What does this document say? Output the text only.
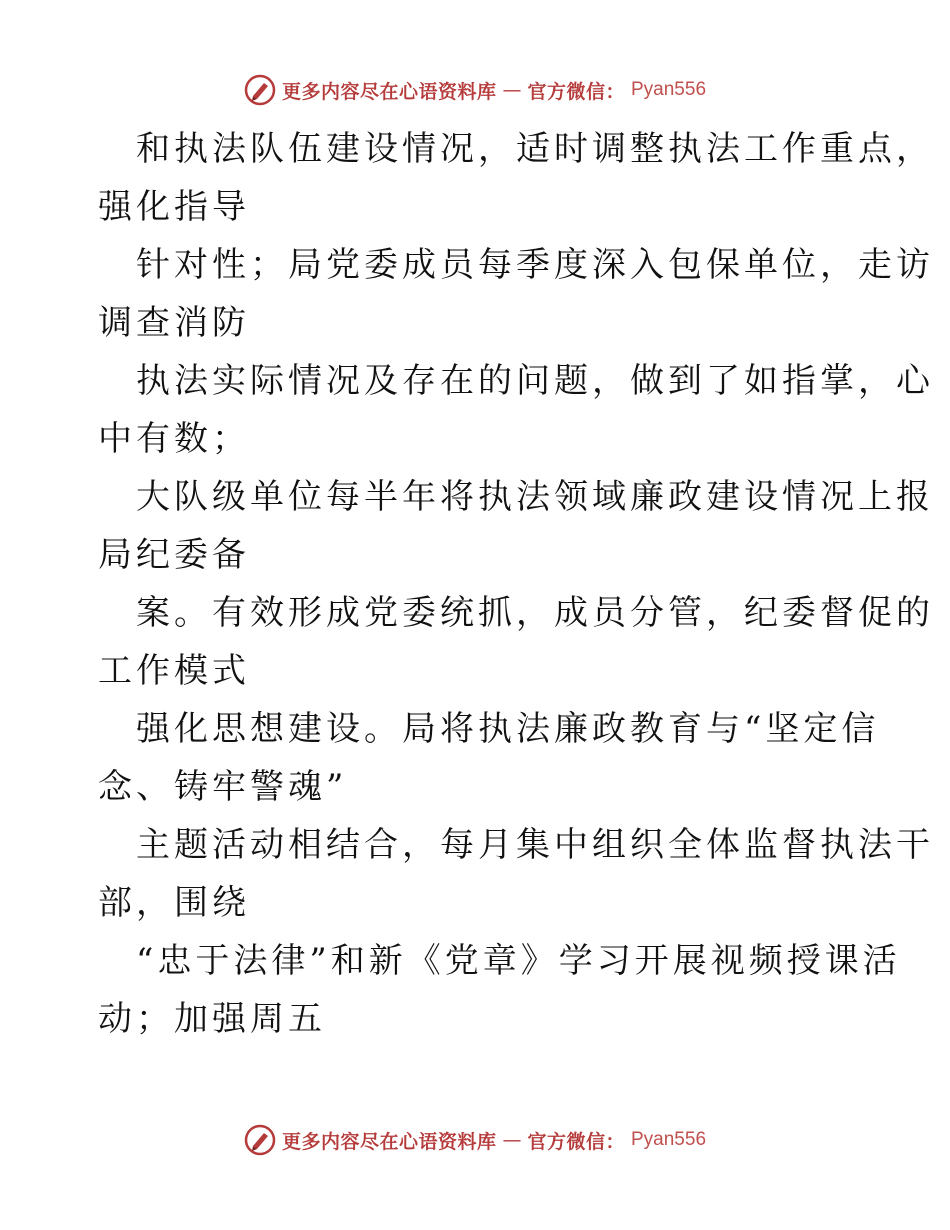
更多内容尽在心语资料库 — 官方微信： Pyan556

和执法队伍建设情况，适时调整执法工作重点，
强化指导

针对性；局党委成员每季度深入包保单位，走访
调查消防

执法实际情况及存在的问题，做到了如指掌，心
中有数；

大队级单位每半年将执法领域廉政建设情况上报
局纪委备

案。有效形成党委统抓，成员分管，纪委督促的
工作模式

强化思想建设。局将执法廉政教育与“坚定信
念、铸牢警魂”

主题活动相结合，每月集中组织全体监督执法干
部，围绕

“忠于法律”和新《党章》学习开展视频授课活
动；加强周五

更多内容尽在心语资料库 — 官方微信： Pyan556
